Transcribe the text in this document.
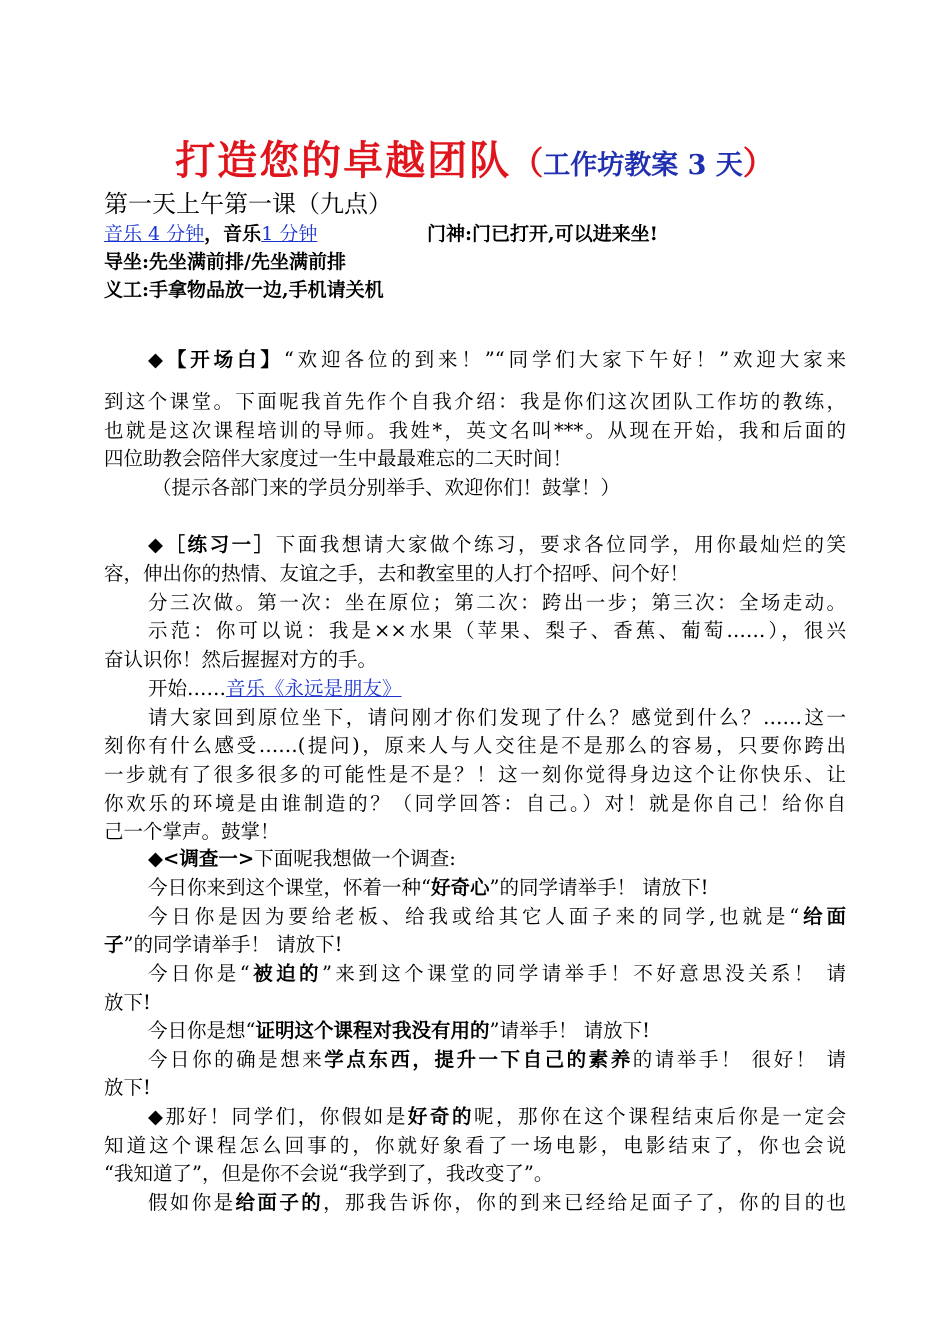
打造您的卓越团队（工作坊教案 3 天）
第一天上午第一课（九点）
音乐 4 分钟，音乐1 分钟	门神:门已打开,可以进来坐!
导坐:先坐满前排/先坐满前排
义工:手拿物品放一边,手机请关机
◆【开场白】“欢迎各位的到来！”“同学们大家下午好！”欢迎大家来
到这个课堂。下面呢我首先作个自我介绍：我是你们这次团队工作坊的教练，
也就是这次课程培训的导师。我姓*，英文名叫***。从现在开始，我和后面的
四位助教会陪伴大家度过一生中最最难忘的二天时间！
（提示各部门来的学员分别举手、欢迎你们！鼓掌！）
◆［练习一］下面我想请大家做个练习，要求各位同学，用你最灿烂的笑
容，伸出你的热情、友谊之手，去和教室里的人打个招呼、问个好！
分三次做。第一次：坐在原位；第二次：跨出一步；第三次：全场走动。
示范：你可以说：我是××水果（苹果、梨子、香蕉、葡萄……），很兴
奋认识你！然后握握对方的手。
开始……音乐《永远是朋友》
请大家回到原位坐下，请问刚才你们发现了什么？感觉到什么？……这一
刻你有什么感受……(提问)，原来人与人交往是不是那么的容易，只要你跨出
一步就有了很多很多的可能性是不是？！这一刻你觉得身边这个让你快乐、让
你欢乐的环境是由谁制造的？（同学回答：自己。）对！就是你自己！给你自
己一个掌声。鼓掌！
◆<调查一>下面呢我想做一个调查:
今日你来到这个课堂，怀着一种“好奇心”的同学请举手！ 请放下!
今日你是因为要给老板、给我或给其它人面子来的同学,也就是“给面
子”的同学请举手！ 请放下!
今日你是“被迫的”来到这个课堂的同学请举手！不好意思没关系！ 请
放下!
今日你是想“证明这个课程对我没有用的”请举手！ 请放下!
今日你的确是想来学点东西，提升一下自己的素养的请举手！ 很好！ 请
放下!
◆那好！同学们，你假如是好奇的呢，那你在这个课程结束后你是一定会
知道这个课程怎么回事的，你就好象看了一场电影，电影结束了，你也会说
“我知道了”，但是你不会说“我学到了，我改变了”。
假如你是给面子的，那我告诉你，你的到来已经给足面子了，你的目的也
